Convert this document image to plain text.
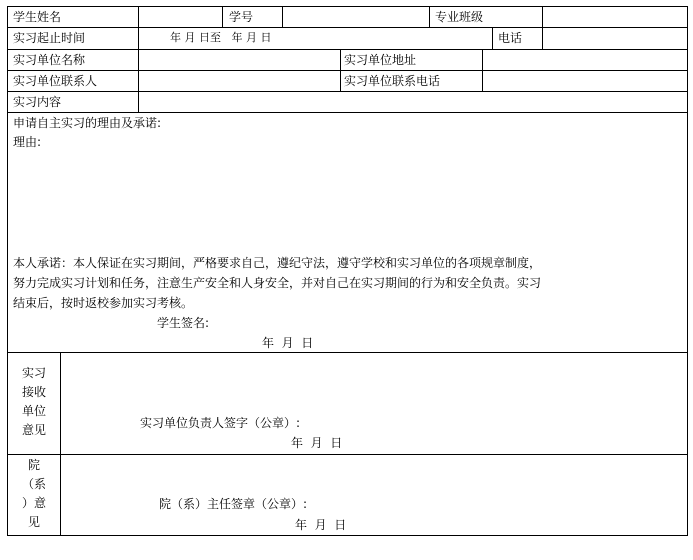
学生姓名	学号	专业班级
实习起止时间	年 月 日至   年 月 日	电话
实习单位名称	实习单位地址
实习单位联系人	实习单位联系电话
实习内容
申请自主实习的理由及承诺:
理由:
本人承诺：本人保证在实习期间，严格要求自己，遵纪守法，遵守学校和实习单位的各项规章制度，
努力完成实习计划和任务，注意生产安全和人身安全，并对自己在实习期间的行为和安全负责。实习
结束后，按时返校参加实习考核。
学生签名:
年  月  日
实习
接收
单位
意见	实习单位负责人签字（公章）:
年  月  日
院
（系
）意
见
院（系）主任签章（公章）:
年  月  日
